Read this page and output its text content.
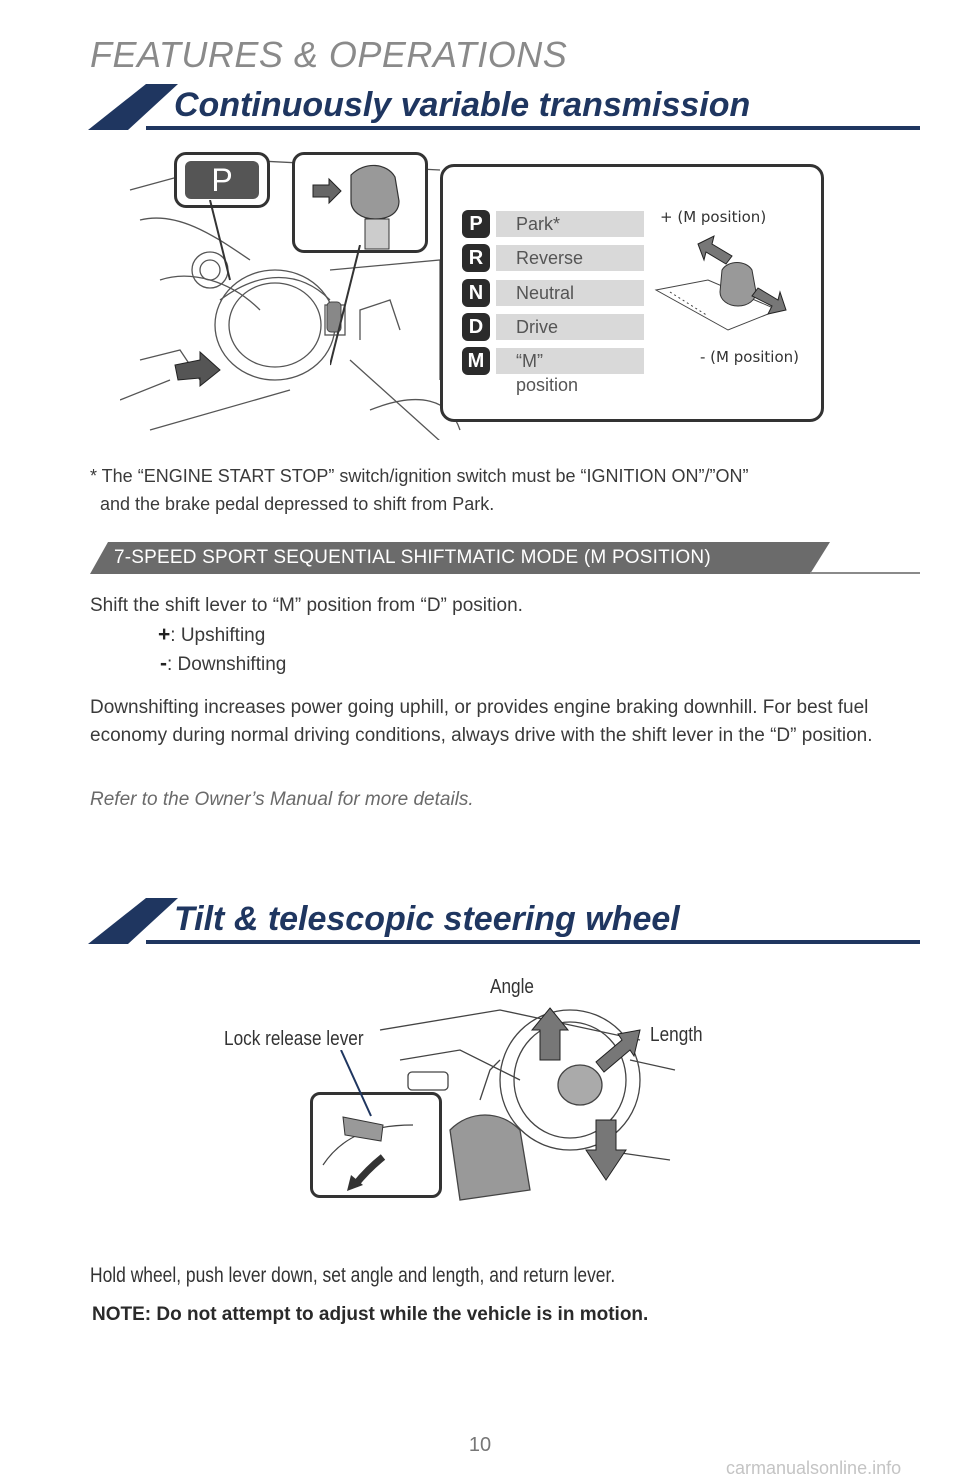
FEATURES & OPERATIONS
Continuously variable transmission
P
P	Park*
R	Reverse
N	Neutral
D	Drive
M	“M” position
+ (M position)
- (M position)
* The “ENGINE START STOP” switch/ignition switch must be “IGNITION ON”/”ON”
and the brake pedal depressed to shift from Park.
7-SPEED SPORT SEQUENTIAL SHIFTMATIC MODE (M POSITION)
Shift the shift lever to “M” position from “D” position.
+: Upshifting
-: Downshifting
Downshifting increases power going uphill, or provides engine braking downhill. For best fuel economy during normal driving conditions, always drive with the shift lever in the “D” position.
Refer to the Owner’s Manual for more details.
Tilt & telescopic steering wheel
Angle
Length
Lock release lever
Hold wheel, push lever down, set angle and length, and return lever.
NOTE: Do not attempt to adjust while the vehicle is in motion.
10
carmanualsonline.info
